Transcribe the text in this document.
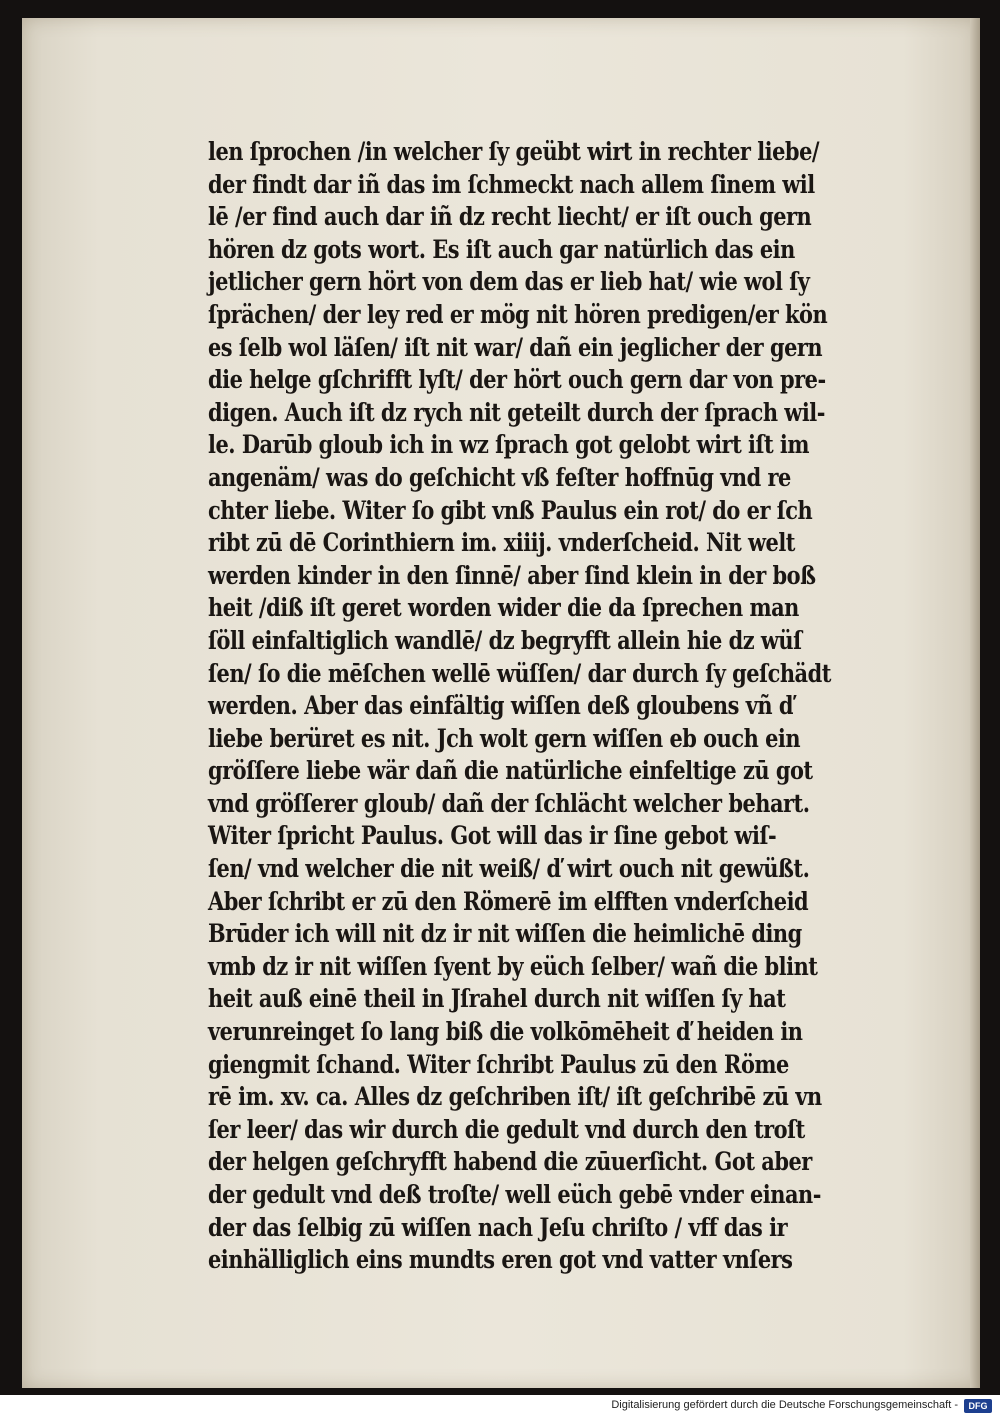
len ſprochen /in welcher ſy geübt wirt in rechter liebe/
der findt dar iñ das im ſchmeckt nach allem ſinem wil
lē /er find auch dar iñ dz recht liecht/ er iſt ouch gern
hören dz gots wort. Es iſt auch gar natürlich das ein
jetlicher gern hört von dem das er lieb hat/ wie wol ſy
ſprächen/ der ley red er mög nit hören predigen/er kön
es ſelb wol läſen/ iſt nit war/ dañ ein jeglicher der gern
die helge gſchrifft lyſt/ der hört ouch gern dar von pre-
digen. Auch iſt dz rych nit geteilt durch der ſprach wil-
le. Darūb gloub ich in wz ſprach got gelobt wirt iſt im
angenäm/ was do geſchicht vß feſter hoffnūg vnd re
chter liebe. Witer ſo gibt vnß Paulus ein rot/ do er ſch
ribt zū dē Corinthiern im. xiiij. vnderſcheid. Nit welt
werden kinder in den ſinnē/ aber ſind klein in der boß
heit /diß iſt geret worden wider die da ſprechen man
ſöll einfaltiglich wandlē/ dz begryfft allein hie dz wüſ
ſen/ ſo die mēſchen wellē wüſſen/ dar durch ſy geſchädt
werden. Aber das einfältig wiſſen deß gloubens vñ ď
liebe berüret es nit. Jch wolt gern wiſſen eb ouch ein
gröſſere liebe wär dañ die natürliche einfeltige zū got
vnd gröſſerer gloub/ dañ der ſchlächt welcher behart.
Witer ſpricht Paulus. Got will das ir ſine gebot wiſ-
ſen/ vnd welcher die nit weiß/ ď wirt ouch nit gewüßt.
Aber ſchribt er zū den Römerē im elfften vnderſcheid
Brūder ich will nit dz ir nit wiſſen die heimlichē ding
vmb dz ir nit wiſſen ſyent by eüch ſelber/ wañ die blint
heit auß einē theil in Jſrahel durch nit wiſſen ſy hat
verunreinget ſo lang biß die volkōmēheit ď heiden in
giengmit ſchand. Witer ſchribt Paulus zū den Röme
rē im. xv. ca. Alles dz geſchriben iſt/ iſt geſchribē zū vn
ſer leer/ das wir durch die gedult vnd durch den troſt
der helgen geſchryfft habend die zūuerſicht. Got aber
der gedult vnd deß troſte/ well eüch gebē vnder einan-
der das ſelbig zū wiſſen nach Jeſu chriſto / vff das ir
einhälliglich eins mundts eren got vnd vatter vnſers
Digitalisierung gefördert durch die Deutsche Forschungsgemeinschaft -	DFG
